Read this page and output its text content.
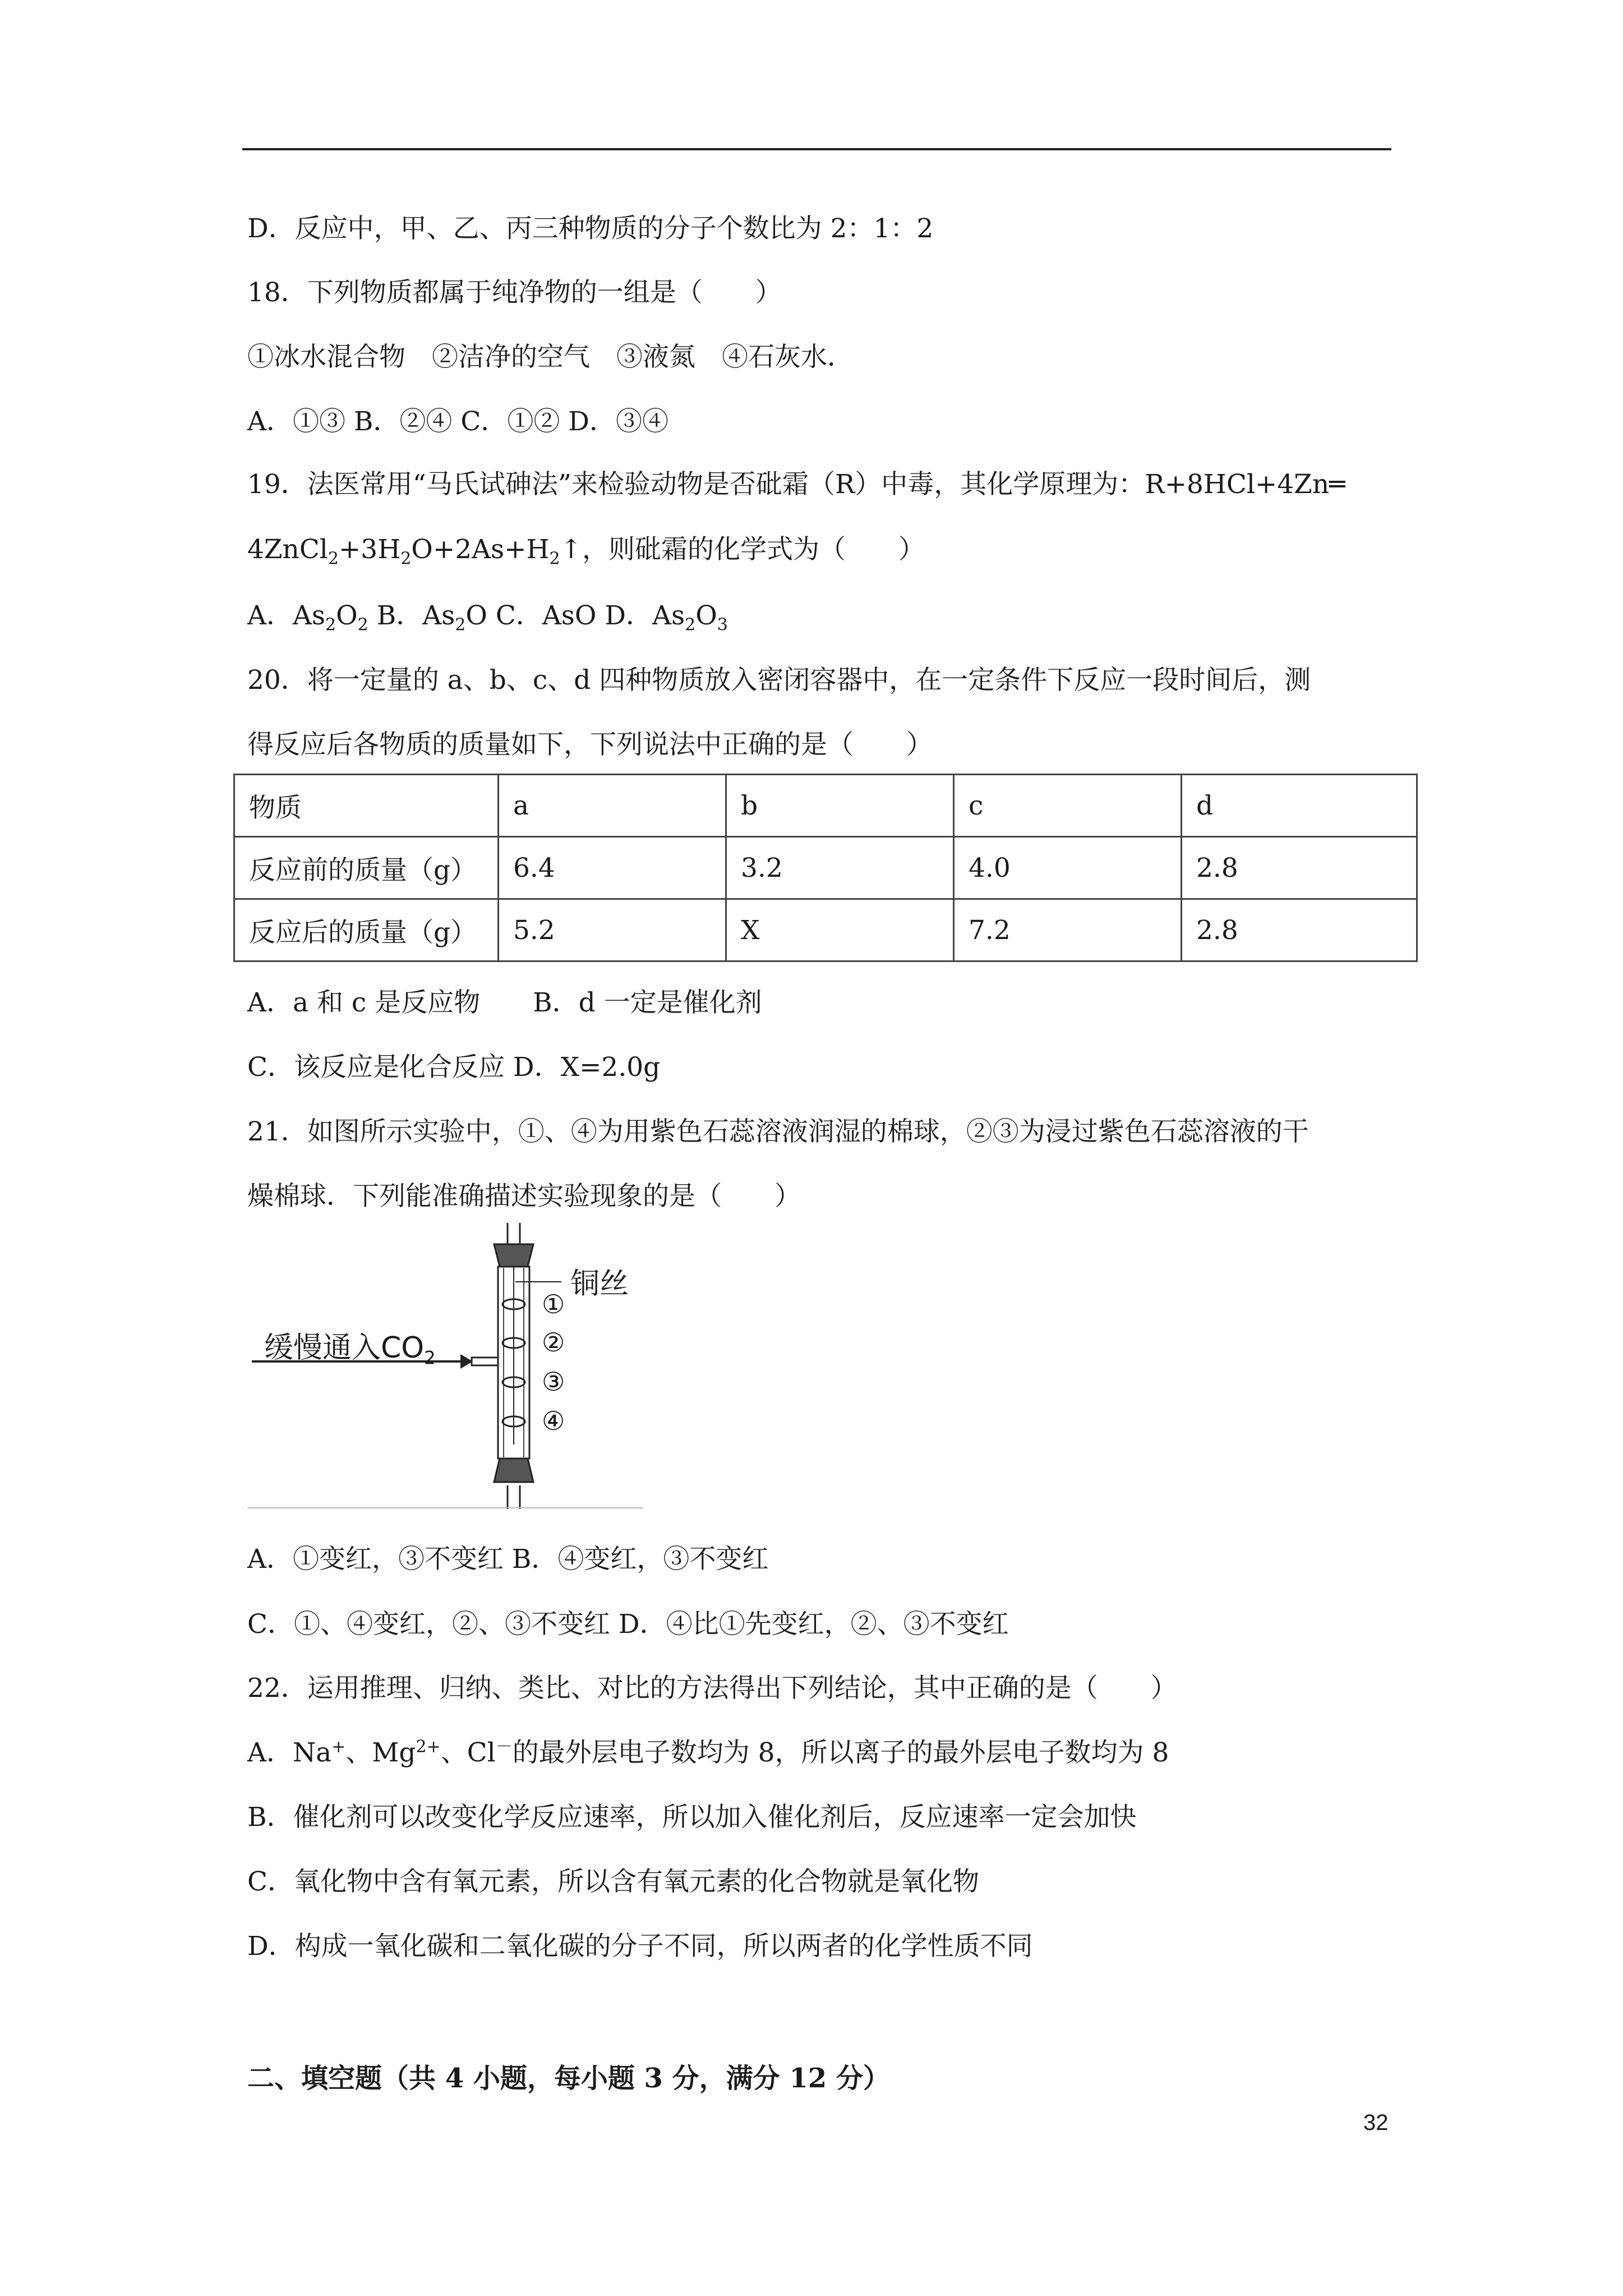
D．反应中，甲、乙、丙三种物质的分子个数比为 2：1：2
18．下列物质都属于纯净物的一组是（　　）
①冰水混合物　②洁净的空气　③液氮　④石灰水．
A．①③ B．②④ C．①② D．③④
19．法医常用“马氏试砷法”来检验动物是否砒霜（R）中毒，其化学原理为：R+8HCl+4Zn═
$4ZnCl_2+3H_2O+2As+H_2↑$，则砒霜的化学式为（　　）
A．$As_2O_2$ B．$As_2O$ C．AsO D．$As_2O_3$
20．将一定量的 a、b、c、d 四种物质放入密闭容器中，在一定条件下反应一段时间后，测
得反应后各物质的质量如下，下列说法中正确的是（　　）
物质	a	b	c	d
反应前的质量（g）	6.4	3.2	4.0	2.8
反应后的质量（g）	5.2	X	7.2	2.8
A．a 和 c 是反应物　　B．d 一定是催化剂
C．该反应是化合反应 D．X=2.0g
21．如图所示实验中，①、④为用紫色石蕊溶液润湿的棉球，②③为浸过紫色石蕊溶液的干
燥棉球．下列能准确描述实验现象的是（　　）
缓慢通入$CO_2$
铜丝
①
②
③
④
A．①变红，③不变红 B．④变红，③不变红
C．①、④变红，②、③不变红 D．④比①先变红，②、③不变红
22．运用推理、归纳、类比、对比的方法得出下列结论，其中正确的是（　　）
A．Na+、$Mg^{2+}$、Cl－的最外层电子数均为 8，所以离子的最外层电子数均为 8
B．催化剂可以改变化学反应速率，所以加入催化剂后，反应速率一定会加快
C．氧化物中含有氧元素，所以含有氧元素的化合物就是氧化物
D．构成一氧化碳和二氧化碳的分子不同，所以两者的化学性质不同
二、填空题（共 4 小题，每小题 3 分，满分 12 分）
32
